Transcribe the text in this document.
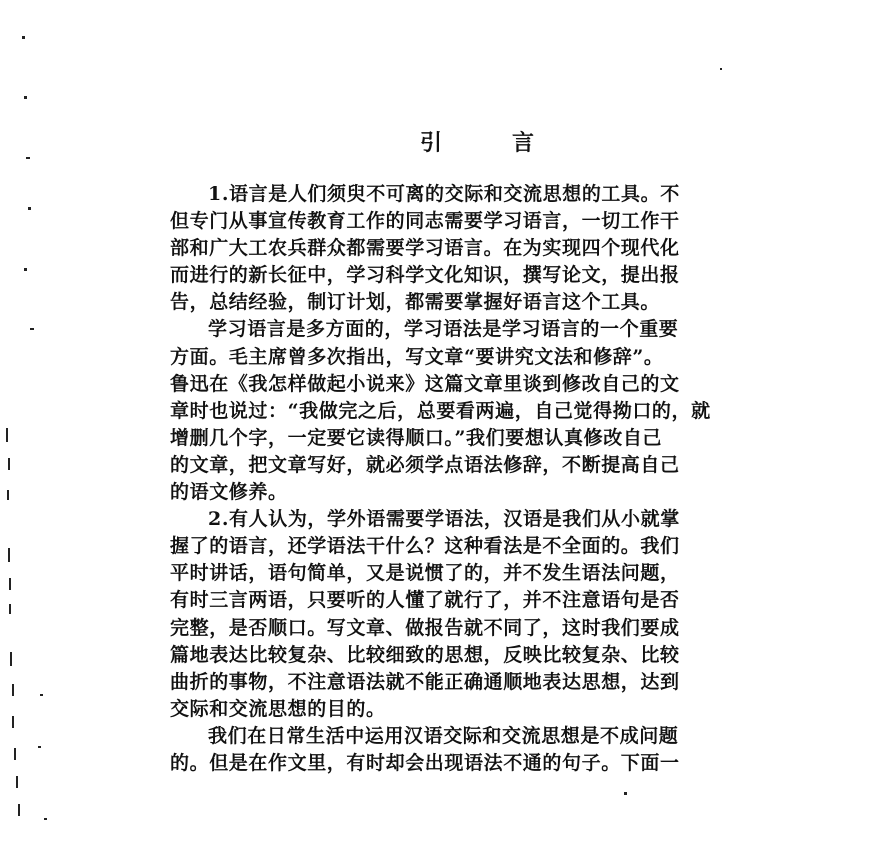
引	言
1.语言是人们须臾不可离的交际和交流思想的工具。不
但专门从事宣传教育工作的同志需要学习语言，一切工作干
部和广大工农兵群众都需要学习语言。在为实现四个现代化
而进行的新长征中，学习科学文化知识，撰写论文，提出报
告，总结经验，制订计划，都需要掌握好语言这个工具。
学习语言是多方面的，学习语法是学习语言的一个重要
方面。毛主席曾多次指出，写文章“要讲究文法和修辞”。
鲁迅在《我怎样做起小说来》这篇文章里谈到修改自己的文
章时也说过：“我做完之后，总要看两遍，自己觉得拗口的，就
增删几个字，一定要它读得顺口。”我们要想认真修改自己
的文章，把文章写好，就必须学点语法修辞，不断提高自己
的语文修养。
2.有人认为，学外语需要学语法，汉语是我们从小就掌
握了的语言，还学语法干什么？这种看法是不全面的。我们
平时讲话，语句简单，又是说惯了的，并不发生语法问题，
有时三言两语，只要听的人懂了就行了，并不注意语句是否
完整，是否顺口。写文章、做报告就不同了，这时我们要成
篇地表达比较复杂、比较细致的思想，反映比较复杂、比较
曲折的事物，不注意语法就不能正确通顺地表达思想，达到
交际和交流思想的目的。
我们在日常生活中运用汉语交际和交流思想是不成问题
的。但是在作文里，有时却会出现语法不通的句子。下面一
